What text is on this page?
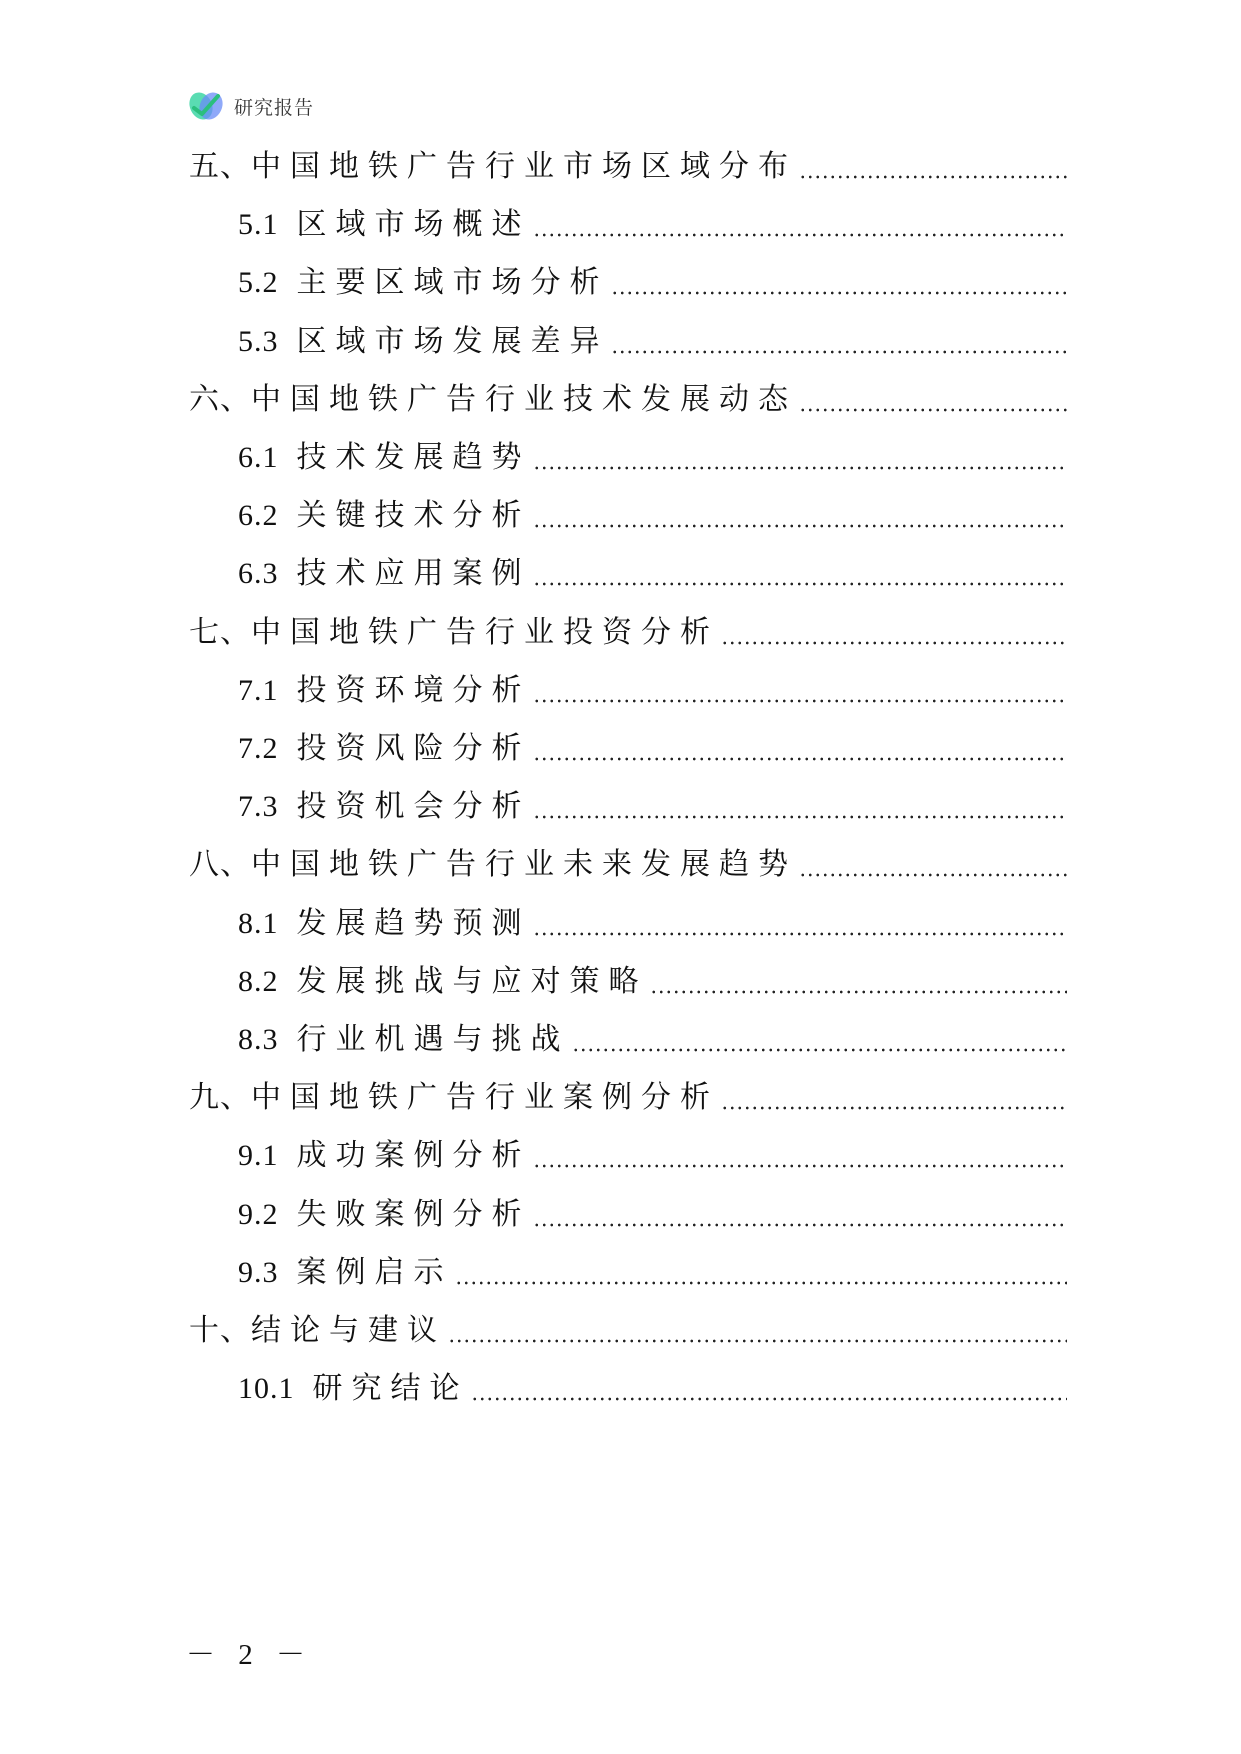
研究报告
五、 中国地铁广告行业市场区域分布
5.1 区域市场概述
5.2 主要区域市场分析
5.3 区域市场发展差异
六、 中国地铁广告行业技术发展动态
6.1 技术发展趋势
6.2 关键技术分析
6.3 技术应用案例
七、 中国地铁广告行业投资分析
7.1 投资环境分析
7.2 投资风险分析
7.3 投资机会分析
八、 中国地铁广告行业未来发展趋势
8.1 发展趋势预测
8.2 发展挑战与应对策略
8.3 行业机遇与挑战
九、 中国地铁广告行业案例分析
9.1 成功案例分析
9.2 失败案例分析
9.3 案例启示
十、 结论与建议
10.1 研究结论
－ 2 －
